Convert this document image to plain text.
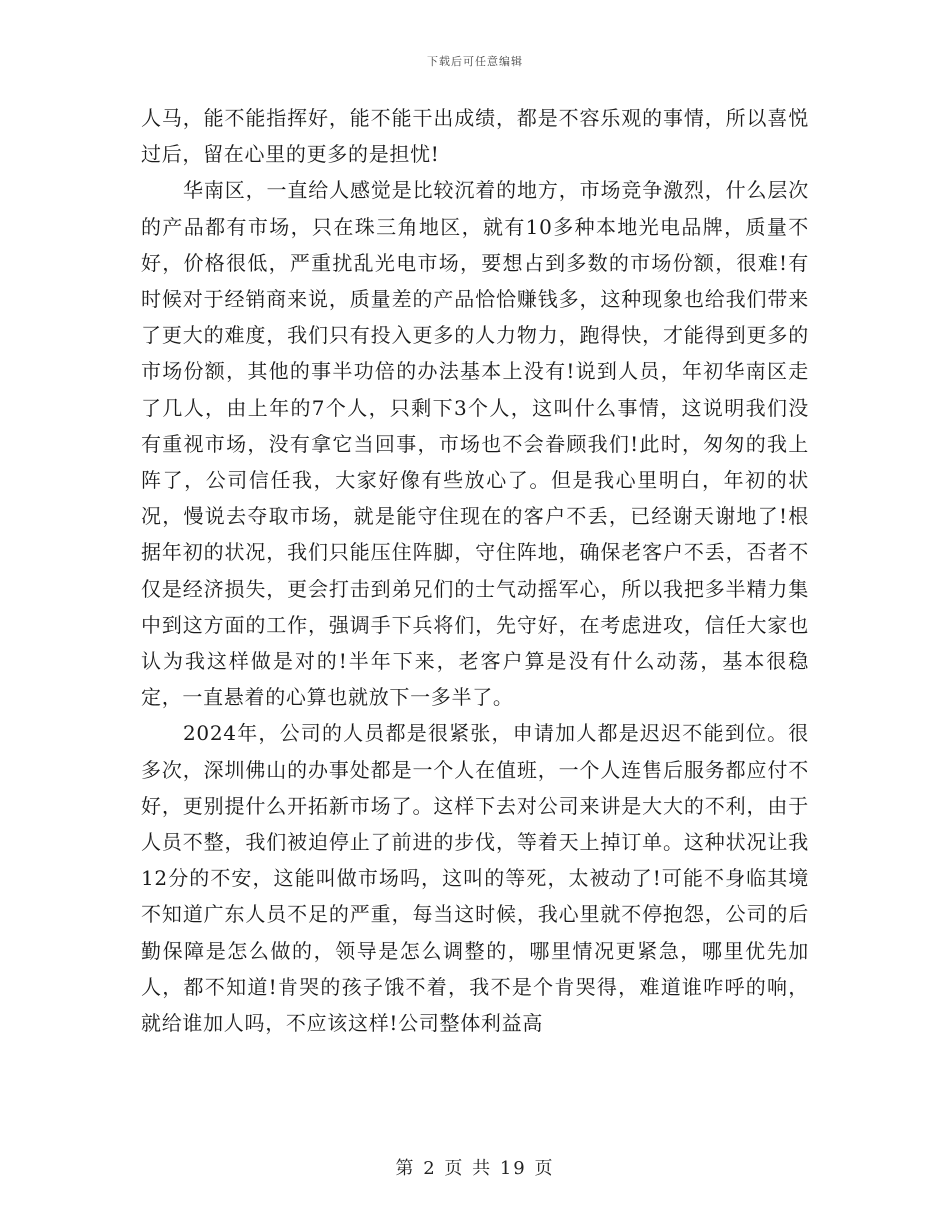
下载后可任意编辑

人马，能不能指挥好，能不能干出成绩，都是不容乐观的事情，所以喜悦过后，留在心里的更多的是担忧!

华南区，一直给人感觉是比较沉着的地方，市场竞争激烈，什么层次的产品都有市场，只在珠三角地区，就有10多种本地光电品牌，质量不好，价格很低，严重扰乱光电市场，要想占到多数的市场份额，很难!有时候对于经销商来说，质量差的产品恰恰赚钱多，这种现象也给我们带来了更大的难度，我们只有投入更多的人力物力，跑得快，才能得到更多的市场份额，其他的事半功倍的办法基本上没有!说到人员，年初华南区走了几人，由上年的7个人，只剩下3个人，这叫什么事情，这说明我们没有重视市场，没有拿它当回事，市场也不会眷顾我们!此时，匆匆的我上阵了，公司信任我，大家好像有些放心了。但是我心里明白，年初的状况，慢说去夺取市场，就是能守住现在的客户不丢，已经谢天谢地了!根据年初的状况，我们只能压住阵脚，守住阵地，确保老客户不丢，否者不仅是经济损失，更会打击到弟兄们的士气动摇军心，所以我把多半精力集中到这方面的工作，强调手下兵将们，先守好，在考虑进攻，信任大家也认为我这样做是对的!半年下来，老客户算是没有什么动荡，基本很稳定，一直悬着的心算也就放下一多半了。

2024年，公司的人员都是很紧张，申请加人都是迟迟不能到位。很多次，深圳佛山的办事处都是一个人在值班，一个人连售后服务都应付不好，更别提什么开拓新市场了。这样下去对公司来讲是大大的不利，由于人员不整，我们被迫停止了前进的步伐，等着天上掉订单。这种状况让我12分的不安，这能叫做市场吗，这叫的等死，太被动了!可能不身临其境不知道广东人员不足的严重，每当这时候，我心里就不停抱怨，公司的后勤保障是怎么做的，领导是怎么调整的，哪里情况更紧急，哪里优先加人，都不知道!肯哭的孩子饿不着，我不是个肯哭得，难道谁咋呼的响，就给谁加人吗，不应该这样!公司整体利益高

第 2 页 共 19 页
